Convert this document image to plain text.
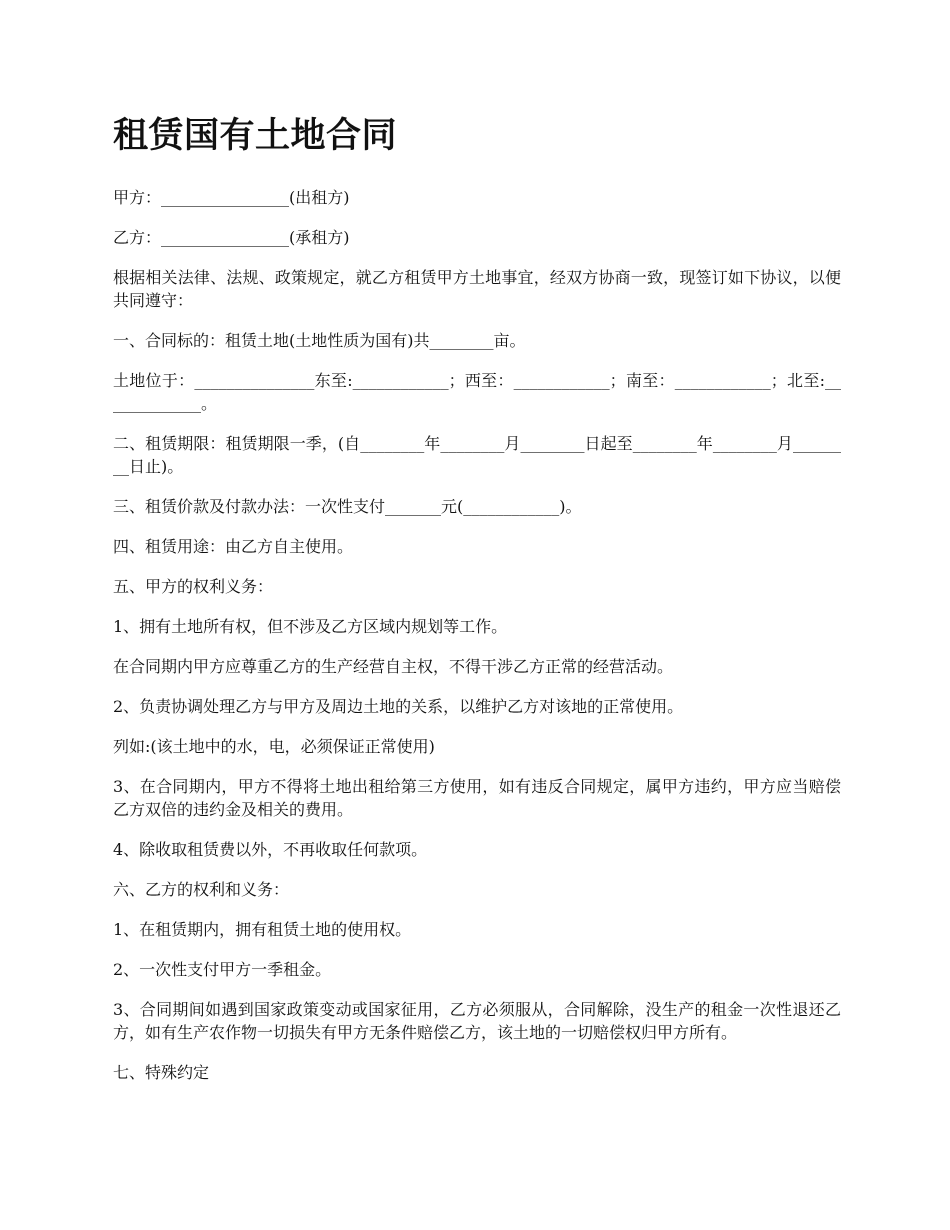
租赁国有土地合同

甲方：________________(出租方)

乙方：________________(承租方)

根据相关法律、法规、政策规定，就乙方租赁甲方土地事宜，经双方协商一致，现签订如下协议，以便共同遵守：

一、合同标的：租赁土地(土地性质为国有)共________亩。

土地位于：_______________东至:____________；西至：____________；南至：____________；北至:_____________。

二、租赁期限：租赁期限一季，(自________年________月________日起至________年________月________日止)。

三、租赁价款及付款办法：一次性支付_______元(____________)。

四、租赁用途：由乙方自主使用。

五、甲方的权利义务：

1、拥有土地所有权，但不涉及乙方区域内规划等工作。

在合同期内甲方应尊重乙方的生产经营自主权，不得干涉乙方正常的经营活动。

2、负责协调处理乙方与甲方及周边土地的关系，以维护乙方对该地的正常使用。

列如:(该土地中的水，电，必须保证正常使用)

3、在合同期内，甲方不得将土地出租给第三方使用，如有违反合同规定，属甲方违约，甲方应当赔偿乙方双倍的违约金及相关的费用。

4、除收取租赁费以外，不再收取任何款项。

六、乙方的权利和义务：

1、在租赁期内，拥有租赁土地的使用权。

2、一次性支付甲方一季租金。

3、合同期间如遇到国家政策变动或国家征用，乙方必须服从，合同解除，没生产的租金一次性退还乙方，如有生产农作物一切损失有甲方无条件赔偿乙方，该土地的一切赔偿权归甲方所有。

七、特殊约定
